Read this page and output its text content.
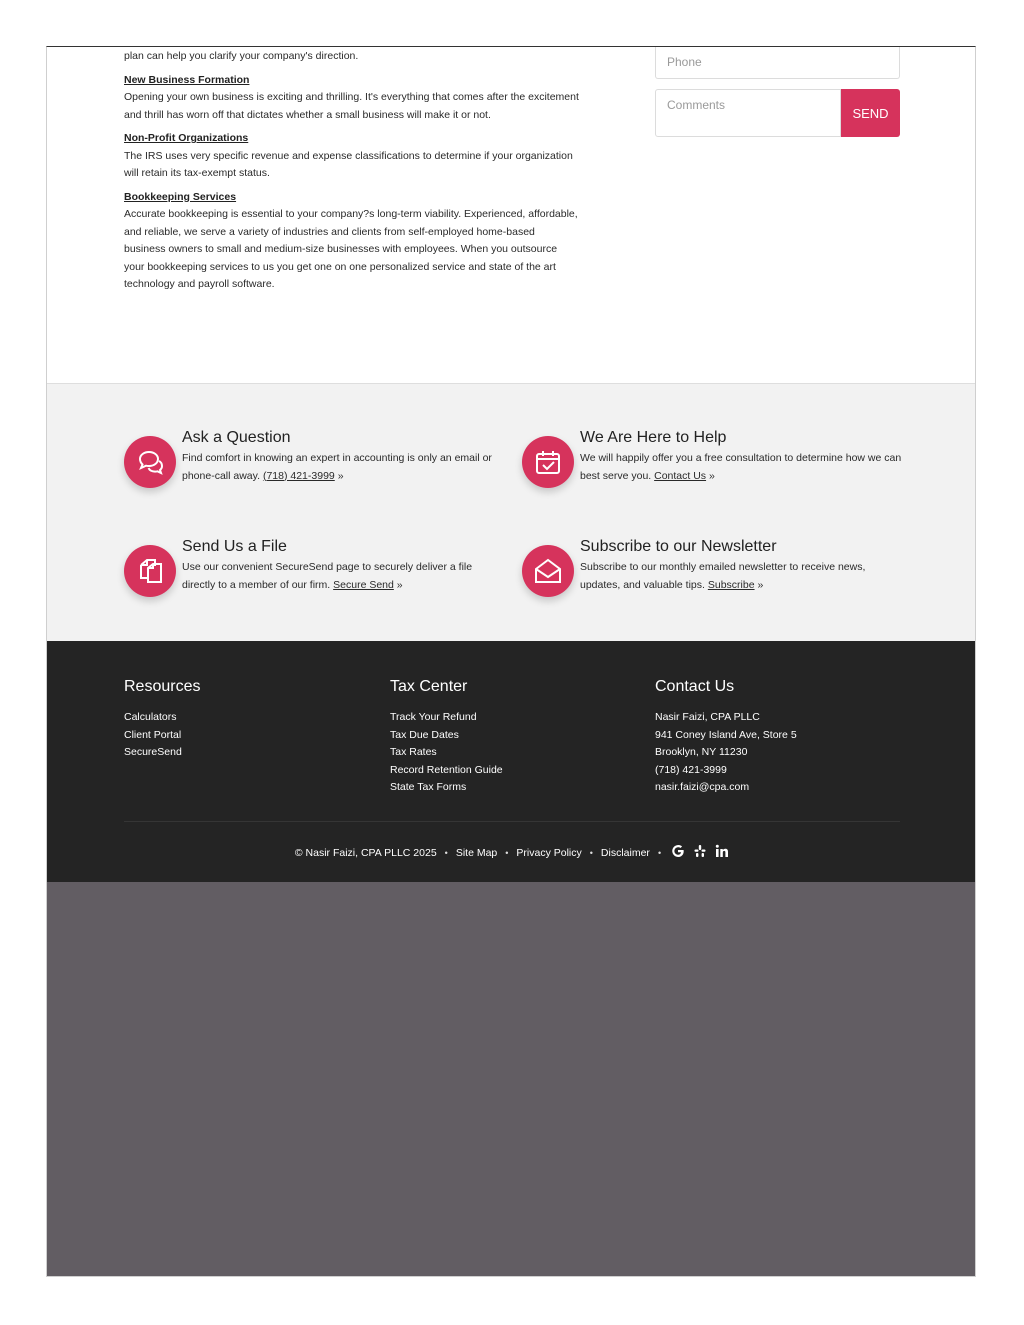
plan can help you clarify your company's direction.

New Business Formation

Opening your own business is exciting and thrilling. It's everything that comes after the excitement and thrill has worn off that dictates whether a small business will make it or not.

Non-Profit Organizations

The IRS uses very specific revenue and expense classifications to determine if your organization will retain its tax-exempt status.

Bookkeeping Services

Accurate bookkeeping is essential to your company?s long-term viability. Experienced, affordable, and reliable, we serve a variety of industries and clients from self-employed home-based business owners to small and medium-size businesses with employees. When you outsource your bookkeeping services to us you get one on one personalized service and state of the art technology and payroll software.

Phone
Comments
SEND
Ask a Question

Find comfort in knowing an expert in accounting is only an email or phone-call away. (718) 421-3999 »

We Are Here to Help

We will happily offer you a free consultation to determine how we can best serve you. Contact Us »

Send Us a File

Use our convenient SecureSend page to securely deliver a file directly to a member of our firm. Secure Send »

Subscribe to our Newsletter

Subscribe to our monthly emailed newsletter to receive news, updates, and valuable tips. Subscribe »

Resources
Calculators
Client Portal
SecureSend
Tax Center
Track Your Refund
Tax Due Dates
Tax Rates
Record Retention Guide
State Tax Forms
Contact Us
Nasir Faizi, CPA PLLC
941 Coney Island Ave, Store 5
Brooklyn, NY 11230
(718) 421-3999
nasir.faizi@cpa.com
© Nasir Faizi, CPA PLLC 2025 • Site Map • Privacy Policy • Disclaimer •
